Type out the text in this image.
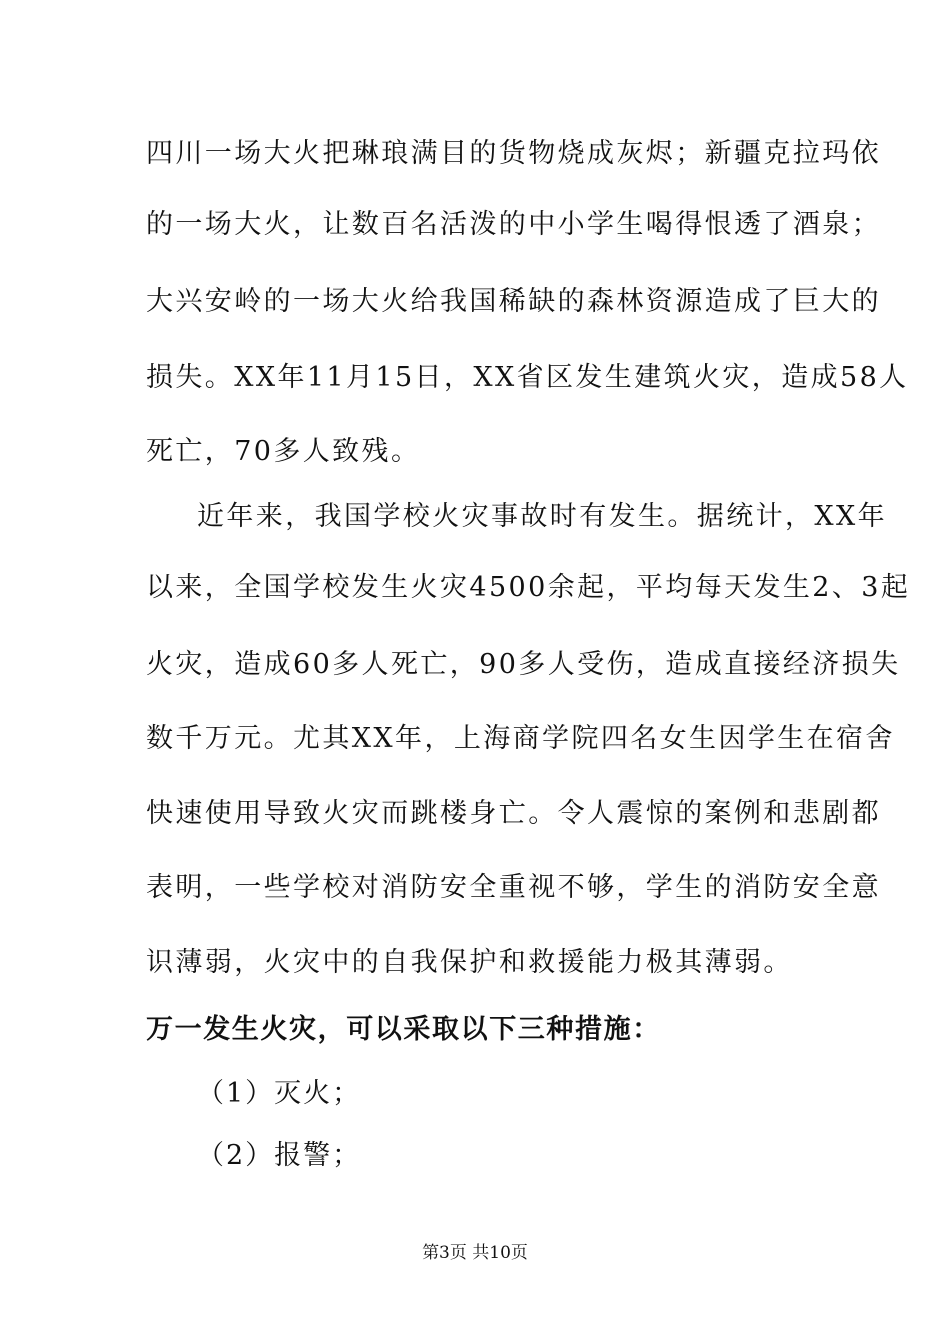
四川一场大火把琳琅满目的货物烧成灰烬；新疆克拉玛依
的一场大火，让数百名活泼的中小学生喝得恨透了酒泉；
大兴安岭的一场大火给我国稀缺的森林资源造成了巨大的
损失。XX年11月15日，XX省区发生建筑火灾，造成58人
死亡，70多人致残。
近年来，我国学校火灾事故时有发生。据统计，XX年
以来，全国学校发生火灾4500余起，平均每天发生2、3起
火灾，造成60多人死亡，90多人受伤，造成直接经济损失
数千万元。尤其XX年，上海商学院四名女生因学生在宿舍
快速使用导致火灾而跳楼身亡。令人震惊的案例和悲剧都
表明，一些学校对消防安全重视不够，学生的消防安全意
识薄弱，火灾中的自我保护和救援能力极其薄弱。
万一发生火灾，可以采取以下三种措施：
（1）灭火；
（2）报警；
第3页 共10页
